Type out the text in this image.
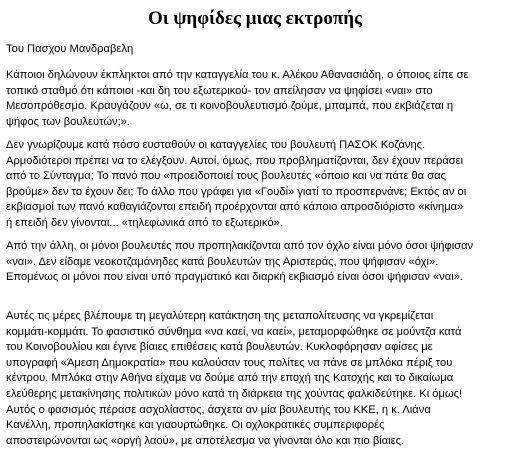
Οι ψηφίδες μιας εκτροπής

Του Πασχου Μανδραβελη

Κάποιοι δηλώνουν έκπληκτοι από την καταγγελία του κ. Αλέκου Αθανασιάδη, ο όποιος είπε σε
τοπικό σταθμό ότι κάποιοι -και δη του εξωτερικού- τον απείλησαν να ψηφίσει «ναι» στο
Μεσοπρόθεσμο. Κραυγάζουν «ω, σε τι κοινοβουλευτισμό ζούμε, μπαμπά, που εκβιάζεται η
ψήφος των βουλευτών;».

Δεν γνωρίζουμε κατά πόσο ευσταθούν οι καταγγελίες του βουλευτή ΠΑΣΟΚ Κοζάνης.
Αρμοδιότεροι πρέπει να το ελέγξουν. Αυτοί, όμως, που προβληματίζονται, δεν έχουν περάσει
από το Σύνταγμα; Το πανό που «προειδοποιεί τους βουλευτές «όποιο και να πάτε θα σας
βρούμε» δεν το έχουν δει; Το άλλο που γράφει για «Γουδί» γιατί το προσπερνάνε; Εκτός αν οι
εκβιασμοί των πανό καθαγιάζονται επειδή προέρχονται από κάποιο απροσδιόριστο «κίνημα»
ή επειδή δεν γίνονται... «τηλεφωνικά από το εξωτερικό».

Από την άλλη, οι μόνοι βουλευτές που προπηλακίζονται από τον όχλο είναι μόνο όσοι ψήφισαν
«ναι». Δεν είδαμε νεοκοτζαμάνηδες κατά βουλευτών της Αριστεράς, που ψήφισαν «όχι».
Επομένως οι μόνοι που είναι υπό πραγματικό και διαρκή εκβιασμό είναι όσοι ψήφισαν «ναι».

Αυτές τις μέρες βλέπουμε τη μεγαλύτερη κατάκτηση της μεταπολίτευσης να γκρεμίζεται
κομμάτι-κομμάτι. Το φασιστικό σύνθημα «να καεί, να καεί», μεταμορφώθηκε σε μούντζα κατά
του Κοινοβουλίου και έγινε βίαιες επιθέσεις κατά βουλευτών. Κυκλοφόρησαν αφίσες με
υπογραφή «Άμεση Δημοκρατία» που καλούσαν τους πολίτες να πάνε σε μπλόκα πέριξ του
κέντρου. Μπλόκα στην Αθήνα είχαμε να δούμε από την εποχή της Κατοχής και το δικαίωμα
ελεύθερης μετακίνησης πολιτικών μόνο κατά τη διάρκεια της χούντας φαλκιδεύτηκε. Κι όμως!
Αυτός ο φασισμός πέρασε ασχολίαστος, άσχετα αν μία βουλευτής του ΚΚΕ, η κ. Λιάνα
Κανέλλη, προπηλακίστηκε και γιαουρτώθηκε. Οι οχλοκρατικές συμπεριφορές
αποστειρώνονται ως «οργή λαού», με αποτέλεσμα να γίνονται όλο και πιο βίαιες.
